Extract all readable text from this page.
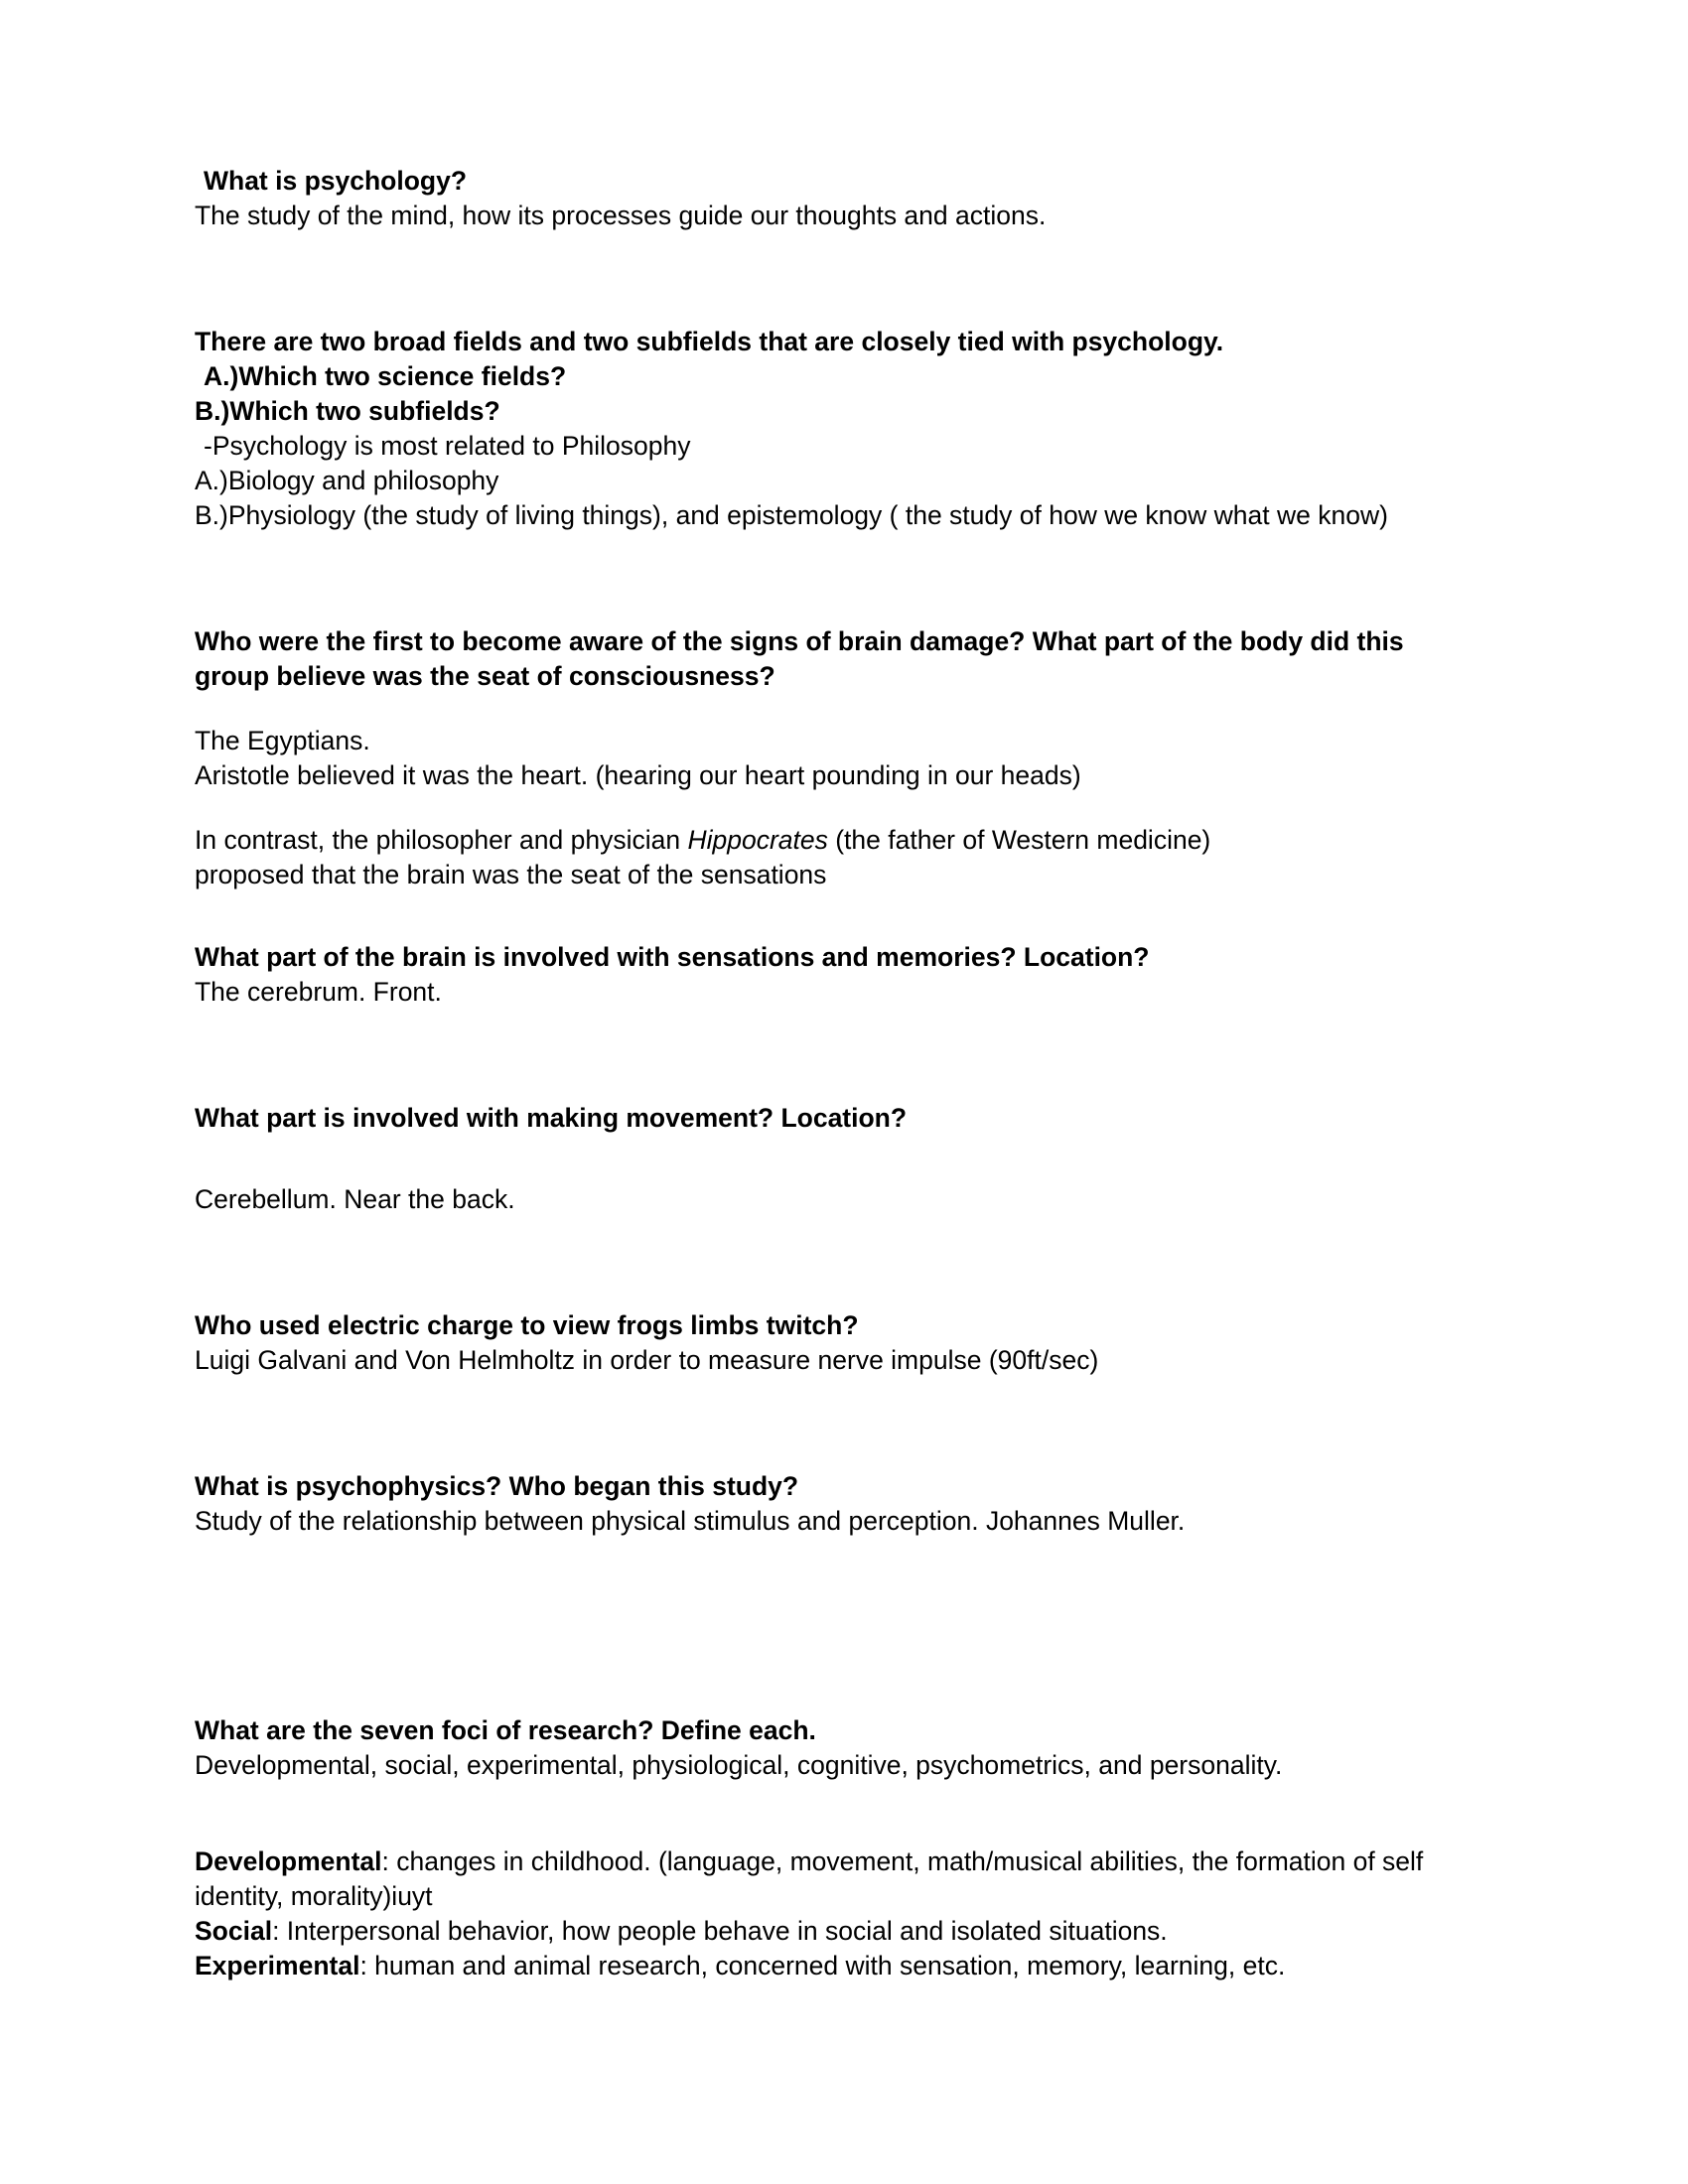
What is psychology?

The study of the mind, how its processes guide our thoughts and actions.

There are two broad fields and two subfields that are closely tied with psychology.

A.)Which two science fields?

B.)Which two subfields?

-Psychology is most related to Philosophy

A.)Biology and philosophy

B.)Physiology (the study of living things), and epistemology ( the study of how we know what we know)

Who were the first to become aware of the signs of brain damage? What part of the body did this group believe was the seat of consciousness?

The Egyptians.

Aristotle believed it was the heart. (hearing our heart pounding in our heads)

In contrast, the philosopher and physician Hippocrates (the father of Western medicine)

proposed that the brain was the seat of the sensations

What part of the brain is involved with sensations and memories? Location?

The cerebrum. Front.

What part is involved with making movement? Location?

Cerebellum. Near the back.

Who used electric charge to view frogs limbs twitch?

Luigi Galvani and Von Helmholtz in order to measure nerve impulse (90ft/sec)

What is psychophysics? Who began this study?

Study of the relationship between physical stimulus and perception. Johannes Muller.

What are the seven foci of research? Define each.

Developmental, social, experimental, physiological, cognitive, psychometrics, and personality.

Developmental: changes in childhood. (language, movement, math/musical abilities, the formation of self identity, morality)iuyt

Social: Interpersonal behavior, how people behave in social and isolated situations.

Experimental: human and animal research, concerned with sensation, memory, learning, etc.
